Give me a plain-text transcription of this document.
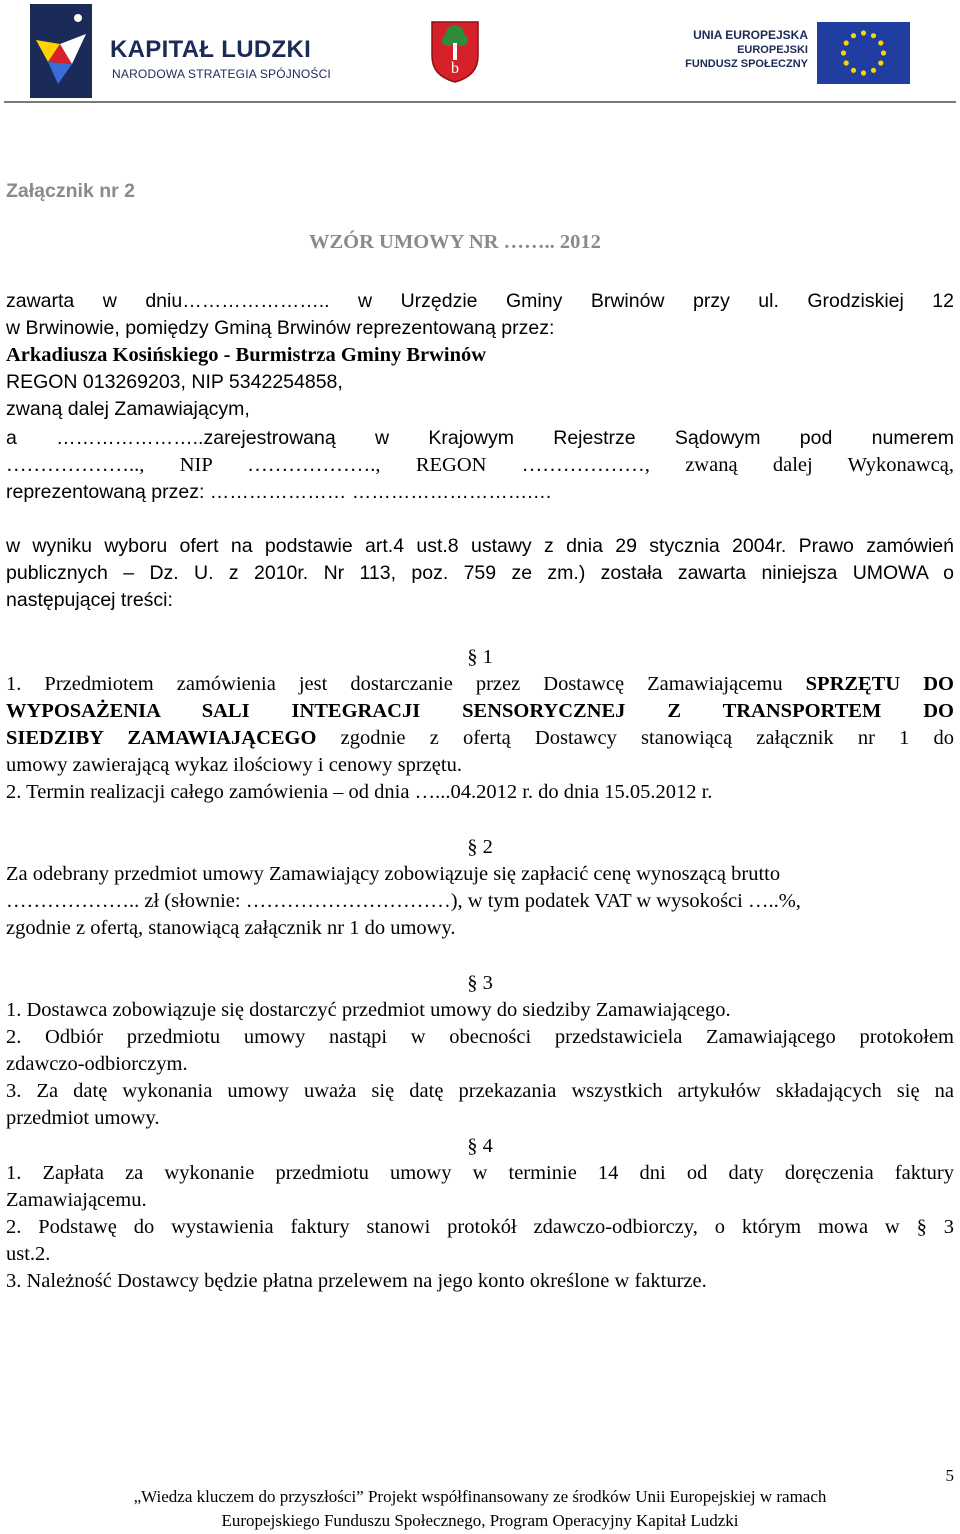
KAPITAŁ LUDZKI
NARODOWA STRATEGIA SPÓJNOŚCI	b
UNIA EUROPEJSKA
EUROPEJSKI
FUNDUSZ SPOŁECZNY
Załącznik nr 2
WZÓR UMOWY NR …….. 2012
zawarta w dniu………………….. w Urzędzie Gminy Brwinów przy ul. Grodziskiej 12
w Brwinowie, pomiędzy Gminą Brwinów reprezentowaną przez:
Arkadiusza Kosińskiego - Burmistrza Gminy Brwinów
REGON 013269203, NIP 5342254858,
zwaną dalej Zamawiającym,
a …………………..zarejestrowaną w Krajowym Rejestrze Sądowym pod numerem
……………….., NIP ………………., REGON ………………, zwaną dalej Wykonawcą,
reprezentowaną przez: ………………… ……………………….…
w wyniku wyboru ofert na podstawie art.4 ust.8 ustawy z dnia 29 stycznia 2004r. Prawo zamówień
publicznych – Dz. U. z 2010r. Nr 113, poz. 759 ze zm.) została zawarta niniejsza UMOWA o
następującej treści:
§ 1
1. Przedmiotem zamówienia jest dostarczanie przez Dostawcę Zamawiającemu SPRZĘTU DO
WYPOSAŻENIA SALI INTEGRACJI SENSORYCZNEJ Z TRANSPORTEM DO
SIEDZIBY ZAMAWIAJĄCEGO zgodnie z ofertą Dostawcy stanowiącą załącznik nr 1 do
umowy zawierającą wykaz ilościowy i cenowy sprzętu.
2. Termin realizacji całego zamówienia – od dnia …...04.2012 r. do dnia 15.05.2012 r.
§ 2
Za odebrany przedmiot umowy Zamawiający zobowiązuje się zapłacić cenę wynoszącą brutto
……………….. zł (słownie: …………………………), w tym podatek VAT w wysokości …..%,
zgodnie z ofertą, stanowiącą załącznik nr 1 do umowy.
§ 3
1. Dostawca zobowiązuje się dostarczyć przedmiot umowy do siedziby Zamawiającego.
2. Odbiór przedmiotu umowy nastąpi w obecności przedstawiciela Zamawiającego protokołem
zdawczo-odbiorczym.
3. Za datę wykonania umowy uważa się datę przekazania wszystkich artykułów składających się na
przedmiot umowy.
§ 4
1. Zapłata za wykonanie przedmiotu umowy w terminie 14 dni od daty doręczenia faktury
Zamawiającemu.
2. Podstawę do wystawienia faktury stanowi protokół zdawczo-odbiorczy, o którym mowa w § 3
ust.2.
3. Należność Dostawcy będzie płatna przelewem na jego konto określone w fakturze.
5
„Wiedza kluczem do przyszłości” Projekt współfinansowany ze środków Unii Europejskiej w ramach
Europejskiego Funduszu Społecznego, Program Operacyjny Kapitał Ludzki
